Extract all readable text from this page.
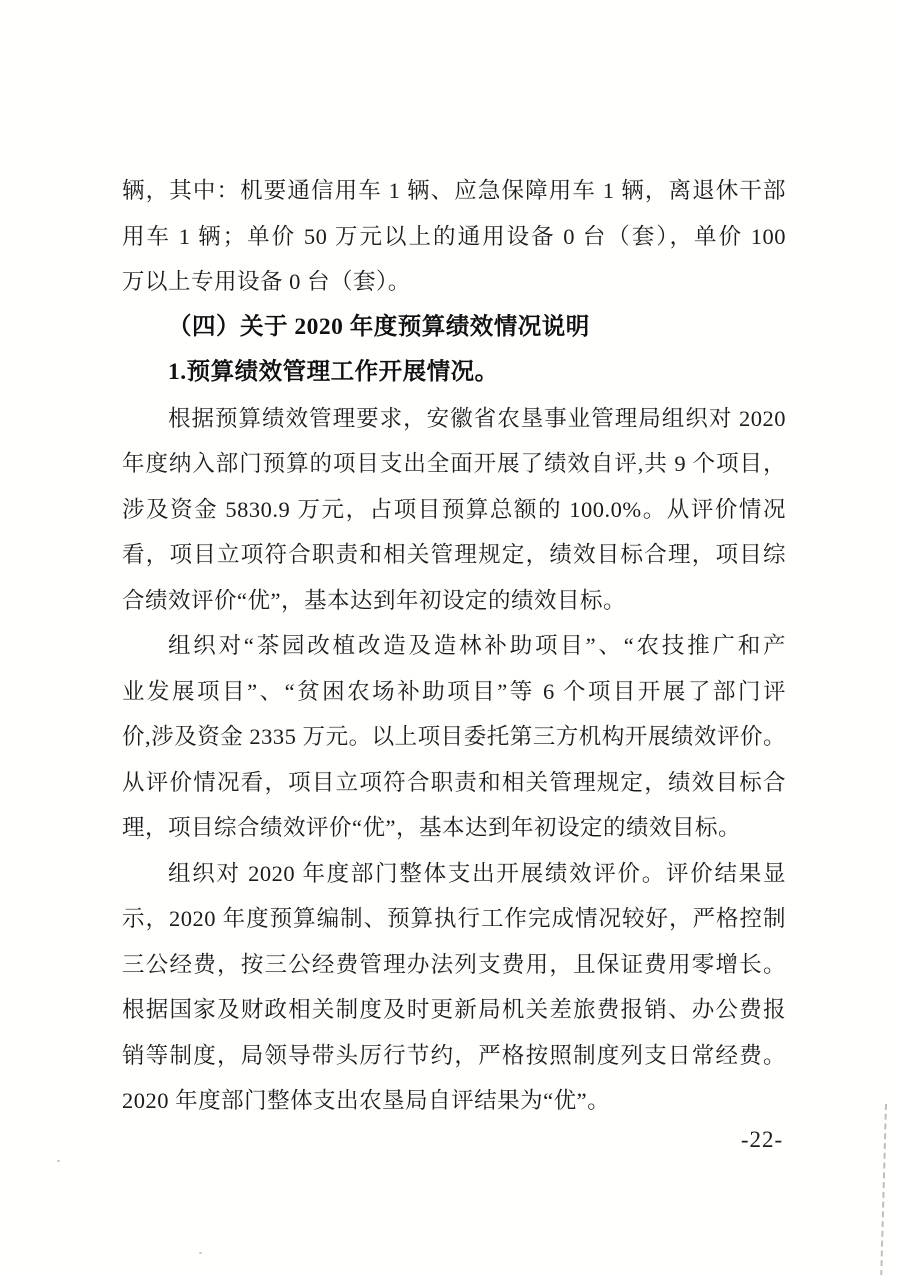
辆，其中：机要通信用车 1 辆、应急保障用车 1 辆，离退休干部
用车 1 辆；单价 50 万元以上的通用设备 0 台（套），单价 100
万以上专用设备 0 台（套）。
（四）关于 2020 年度预算绩效情况说明
1.预算绩效管理工作开展情况。
根据预算绩效管理要求，安徽省农垦事业管理局组织对 2020
年度纳入部门预算的项目支出全面开展了绩效自评,共 9 个项目，
涉及资金 5830.9 万元，占项目预算总额的 100.0%。从评价情况
看，项目立项符合职责和相关管理规定，绩效目标合理，项目综
合绩效评价“优”，基本达到年初设定的绩效目标。
组织对“茶园改植改造及造林补助项目”、“农技推广和产
业发展项目”、“贫困农场补助项目”等 6 个项目开展了部门评
价,涉及资金 2335 万元。以上项目委托第三方机构开展绩效评价。
从评价情况看，项目立项符合职责和相关管理规定，绩效目标合
理，项目综合绩效评价“优”，基本达到年初设定的绩效目标。
组织对 2020 年度部门整体支出开展绩效评价。评价结果显
示，2020 年度预算编制、预算执行工作完成情况较好，严格控制
三公经费，按三公经费管理办法列支费用，且保证费用零增长。
根据国家及财政相关制度及时更新局机关差旅费报销、办公费报
销等制度，局领导带头厉行节约，严格按照制度列支日常经费。
2020 年度部门整体支出农垦局自评结果为“优”。
-22-
